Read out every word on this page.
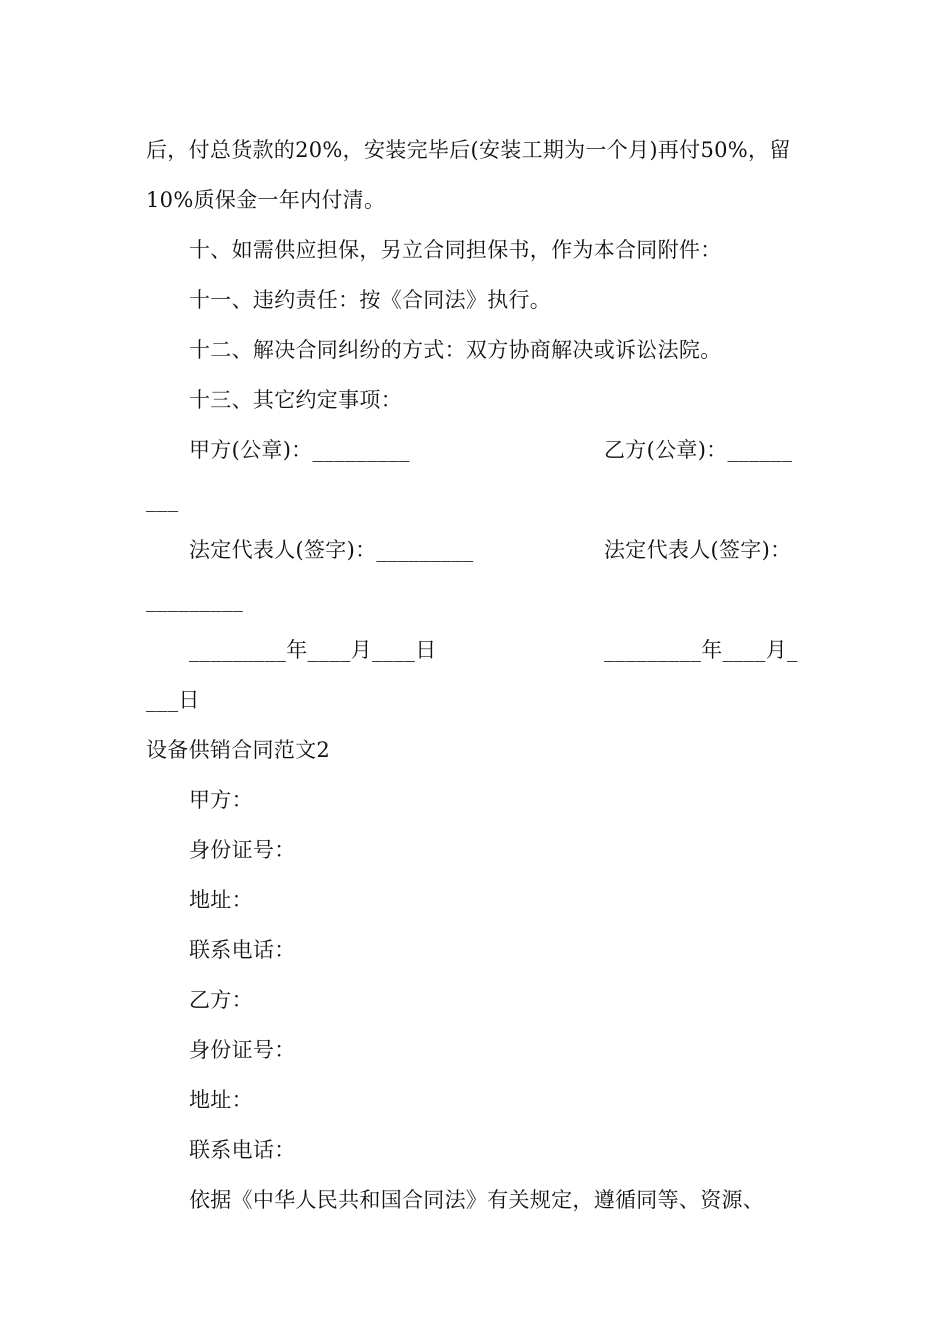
后，付总货款的20%，安装完毕后(安装工期为一个月)再付50%，留

10%质保金一年内付清。

十、如需供应担保，另立合同担保书，作为本合同附件：

十一、违约责任：按《合同法》执行。

十二、解决合同纠纷的方式：双方协商解决或诉讼法院。

十三、其它约定事项：

甲方(公章)：_________	乙方(公章)：______

___

法定代表人(签字)：_________	法定代表人(签字)：

_________

_________年____月____日	_________年____月_

___日

设备供销合同范文2

甲方：

身份证号：

地址：

联系电话：

乙方：

身份证号：

地址：

联系电话：

依据《中华人民共和国合同法》有关规定，遵循同等、资源、
